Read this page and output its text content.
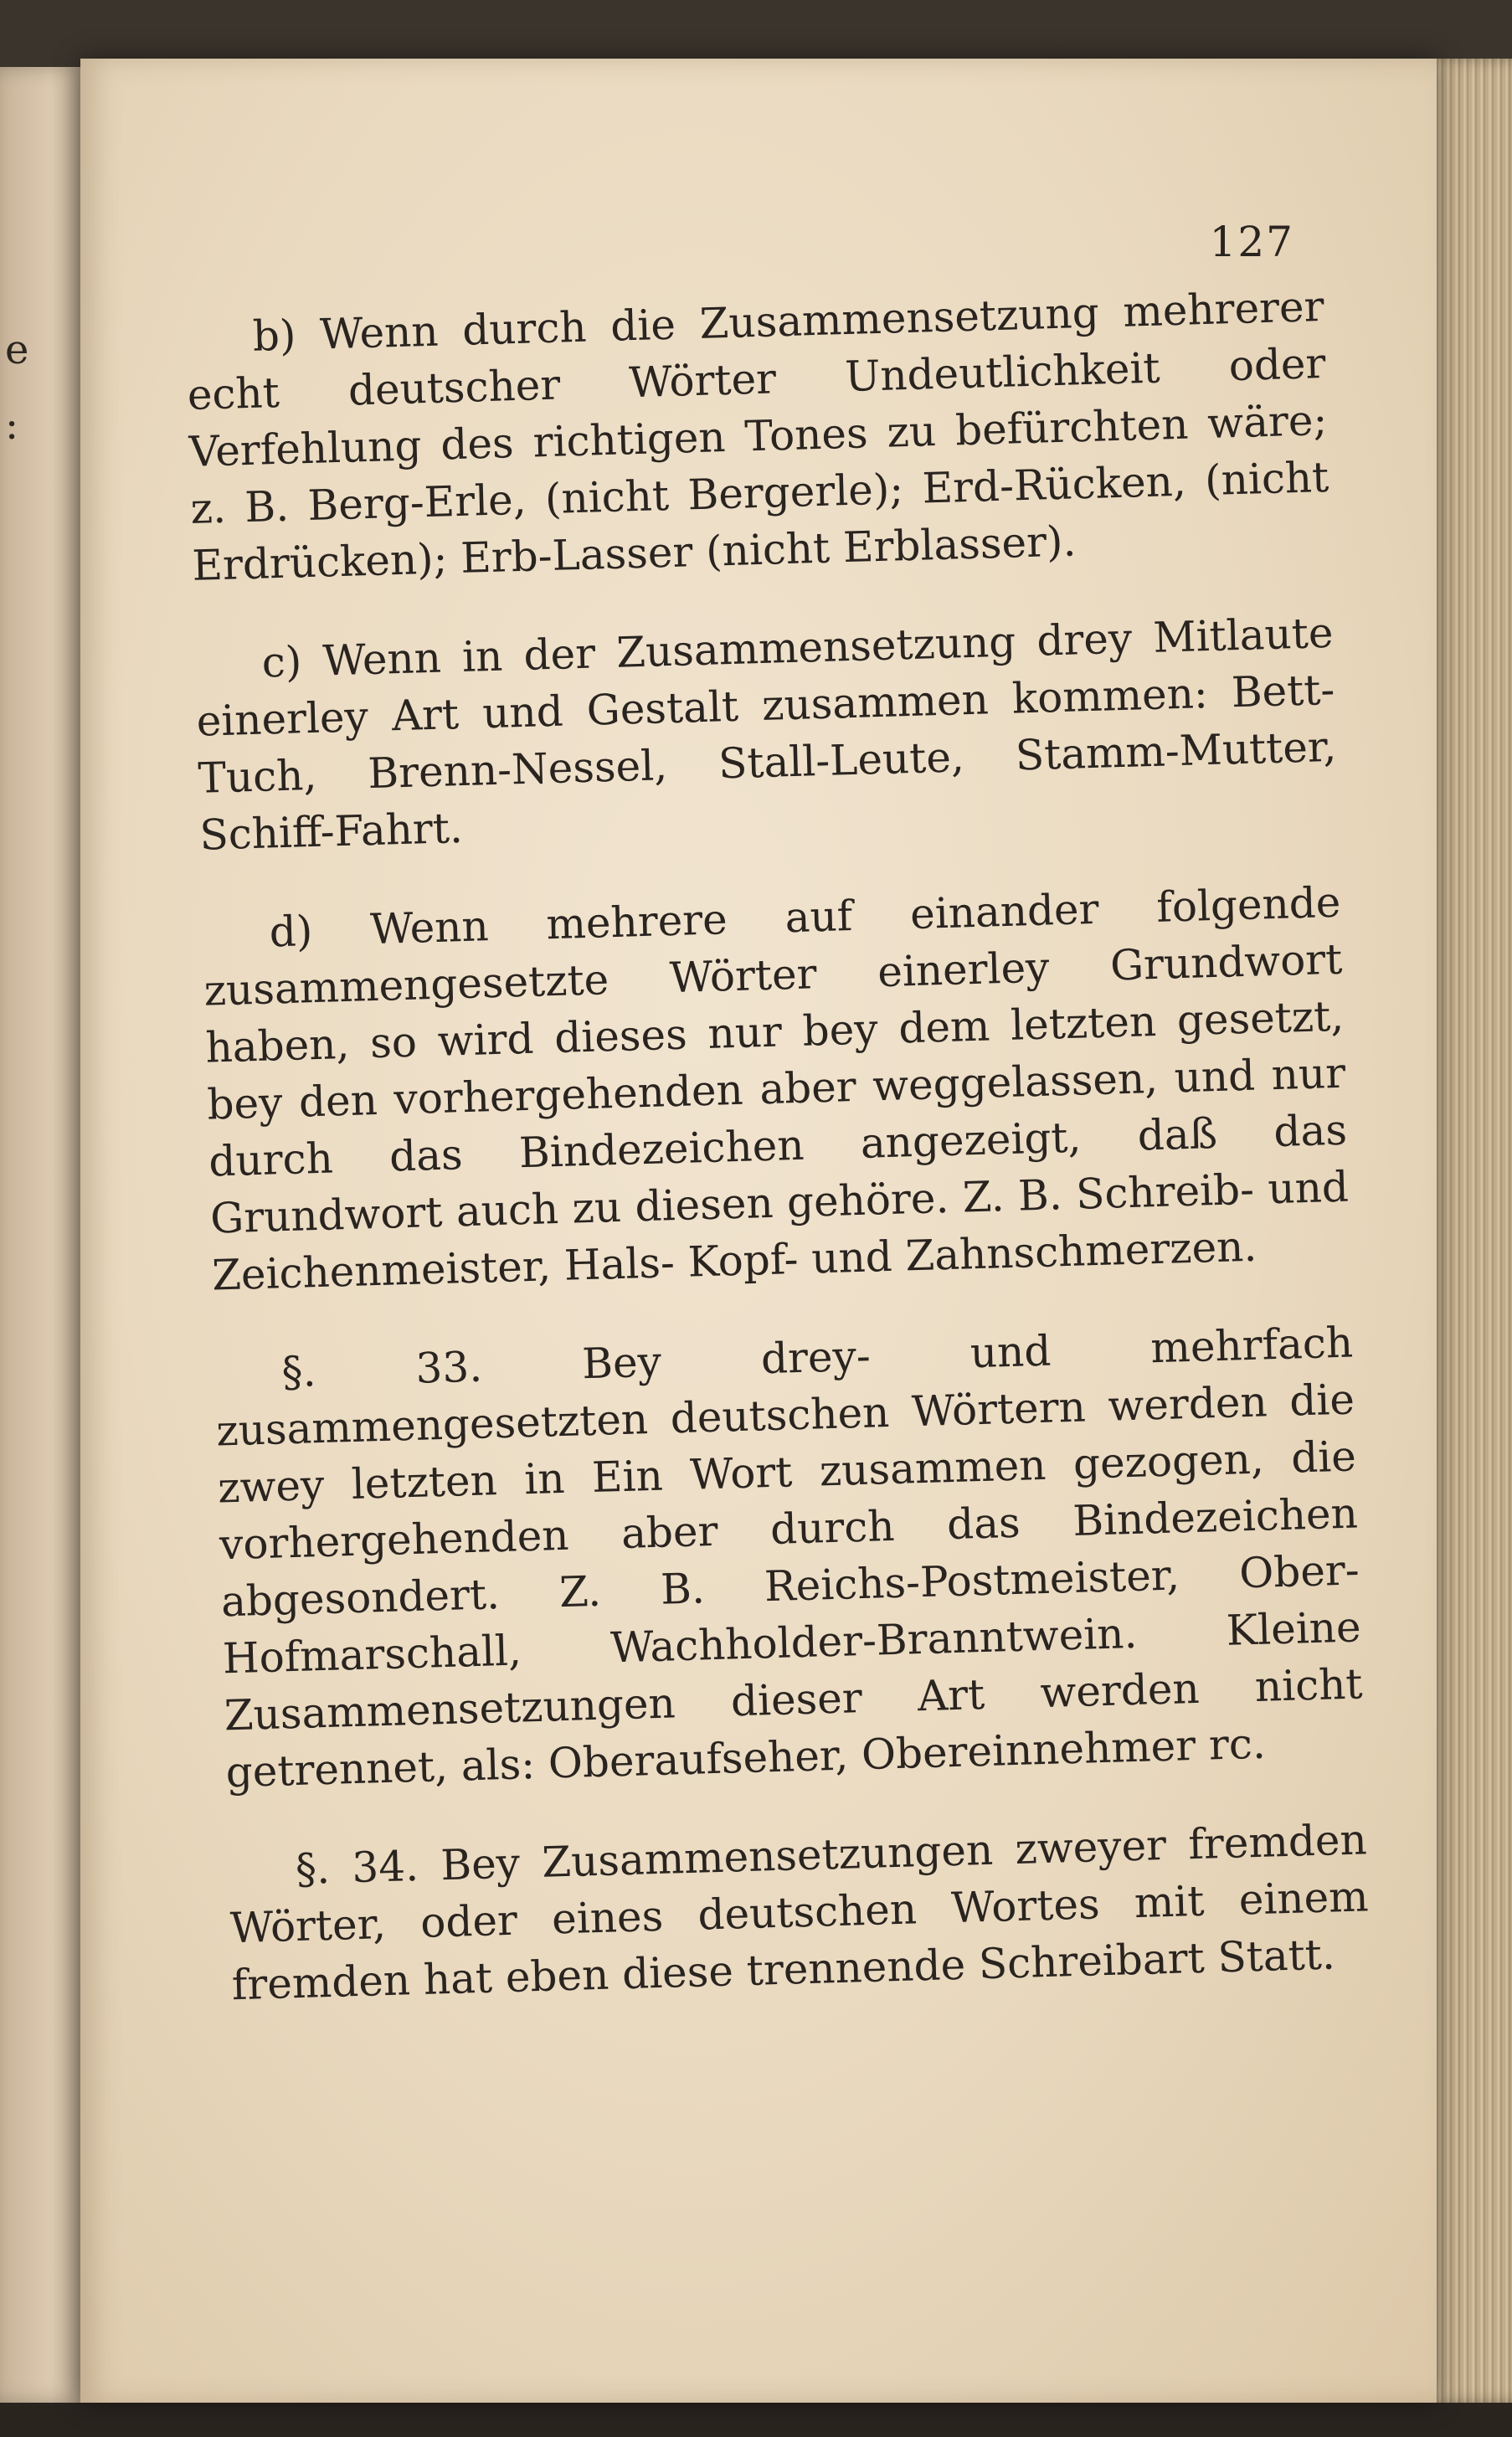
e
:
127

b) Wenn durch die Zusammensetzung mehrerer echt deutscher Wörter Undeutlichkeit oder Verfehlung des richtigen Tones zu befürchten wäre; z. B. Berg-Erle, (nicht Bergerle); Erd-Rücken, (nicht Erdrücken); Erb-Lasser (nicht Erblasser).

c) Wenn in der Zusammensetzung drey Mitlaute einerley Art und Gestalt zusammen kommen: Bett-Tuch, Brenn-Nessel, Stall-Leute, Stamm-Mutter, Schiff-Fahrt.

d) Wenn mehrere auf einander folgende zusammengesetzte Wörter einerley Grundwort haben, so wird dieses nur bey dem letzten gesetzt, bey den vorhergehenden aber weggelassen, und nur durch das Bindezeichen angezeigt, daß das Grundwort auch zu diesen gehöre. Z. B. Schreib- und Zeichenmeister, Hals- Kopf- und Zahnschmerzen.

§. 33. Bey drey- und mehrfach zusammengesetzten deutschen Wörtern werden die zwey letzten in Ein Wort zusammen gezogen, die vorhergehenden aber durch das Bindezeichen abgesondert. Z. B. Reichs-Postmeister, Ober-Hofmarschall, Wachholder-Branntwein. Kleine Zusammensetzungen dieser Art werden nicht getrennet, als: Oberaufseher, Obereinnehmer rc.

§. 34. Bey Zusammensetzungen zweyer fremden Wörter, oder eines deutschen Wortes mit einem fremden hat eben diese trennende Schreibart Statt.
